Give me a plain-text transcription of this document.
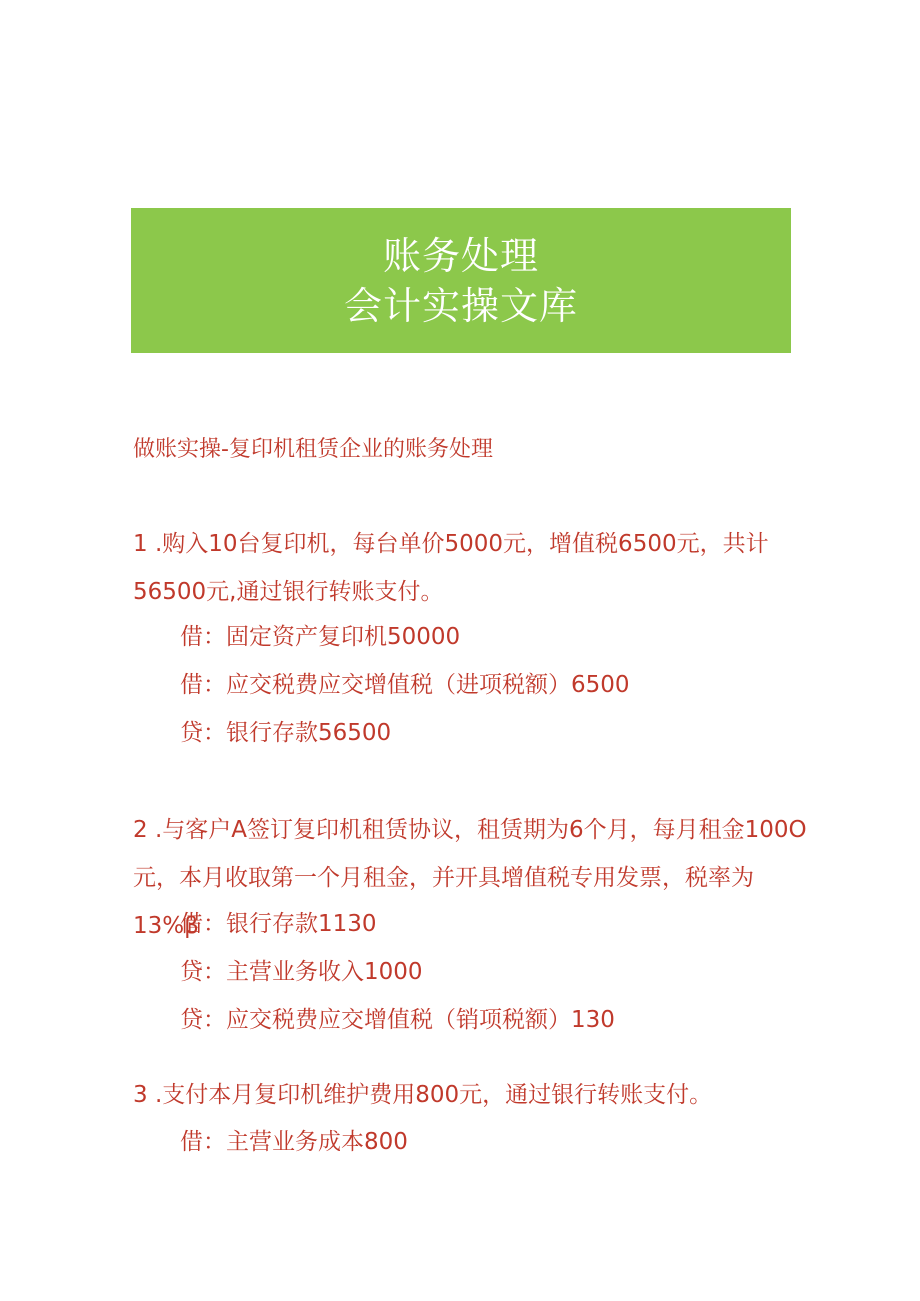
账务处理
会计实操文库
做账实操-复印机租赁企业的账务处理
1 .购入10台复印机，每台单价5000元，增值税6500元，共计56500元,通过银行转账支付。
借：固定资产复印机50000
借：应交税费应交增值税（进项税额）6500
贷：银行存款56500
2 .与客户A签订复印机租赁协议，租赁期为6个月，每月租金100O元，本月收取第一个月租金，并开具增值税专用发票，税率为13%β
借：银行存款1130
贷：主营业务收入1000
贷：应交税费应交增值税（销项税额）130
3 .支付本月复印机维护费用800元，通过银行转账支付。
借：主营业务成本800
